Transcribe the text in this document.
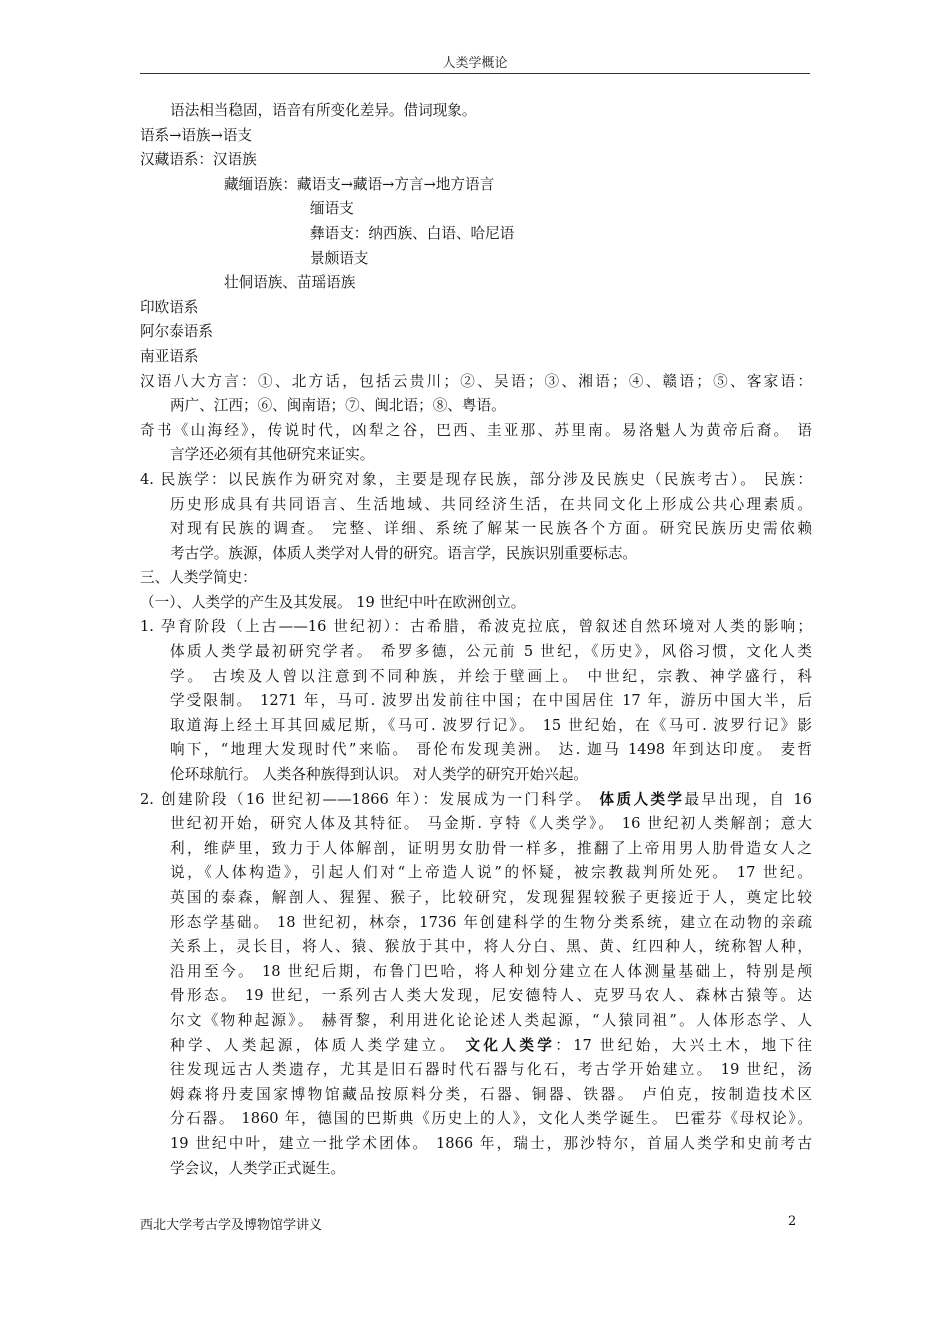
人类学概论
语法相当稳固，语音有所变化差异。借词现象。
语系→语族→语支
汉藏语系：汉语族
藏缅语族：藏语支→藏语→方言→地方语言
缅语支
彝语支：纳西族、白语、哈尼语
景颇语支
壮侗语族、苗瑶语族
印欧语系
阿尔泰语系
南亚语系
汉语八大方言：①、北方话，包括云贵川；②、吴语；③、湘语；④、赣语；⑤、客家语：
两广、江西；⑥、闽南语；⑦、闽北语；⑧、粤语。
奇书《山海经》，传说时代，凶犁之谷，巴西、圭亚那、苏里南。易洛魁人为黄帝后裔。 语
言学还必须有其他研究来证实。
4. 民族学：以民族作为研究对象，主要是现存民族，部分涉及民族史（民族考古）。 民族：
历史形成具有共同语言、生活地域、共同经济生活，在共同文化上形成公共心理素质。
对现有民族的调查。 完整、详细、系统了解某一民族各个方面。研究民族历史需依赖
考古学。族源，体质人类学对人骨的研究。语言学，民族识别重要标志。
三、人类学简史：
（一）、人类学的产生及其发展。 19 世纪中叶在欧洲创立。
1. 孕育阶段（上古——16 世纪初）：古希腊，希波克拉底，曾叙述自然环境对人类的影响；
体质人类学最初研究学者。 希罗多德，公元前 5 世纪，《历史》，风俗习惯，文化人类
学。 古埃及人曾以注意到不同种族，并绘于壁画上。 中世纪，宗教、神学盛行，科
学受限制。 1271 年，马可. 波罗出发前往中国；在中国居住 17 年，游历中国大半，后
取道海上经土耳其回威尼斯，《马可. 波罗行记》。 15 世纪始，在《马可. 波罗行记》影
响下，“地理大发现时代”来临。 哥伦布发现美洲。 达. 迦马 1498 年到达印度。 麦哲
伦环球航行。 人类各种族得到认识。 对人类学的研究开始兴起。
2. 创建阶段（16 世纪初——1866 年）：发展成为一门科学。 体质人类学最早出现，自 16
世纪初开始，研究人体及其特征。 马金斯. 亨特《人类学》。 16 世纪初人类解剖；意大
利，维萨里，致力于人体解剖，证明男女肋骨一样多，推翻了上帝用男人肋骨造女人之
说，《人体构造》，引起人们对“上帝造人说”的怀疑，被宗教裁判所处死。 17 世纪。
英国的泰森，解剖人、猩猩、猴子，比较研究，发现猩猩较猴子更接近于人，奠定比较
形态学基础。 18 世纪初，林奈，1736 年创建科学的生物分类系统，建立在动物的亲疏
关系上，灵长目，将人、猿、猴放于其中，将人分白、黑、黄、红四种人，统称智人种，
沿用至今。 18 世纪后期，布鲁门巴哈，将人种划分建立在人体测量基础上，特别是颅
骨形态。 19 世纪，一系列古人类大发现，尼安德特人、克罗马农人、森林古猿等。达
尔文《物种起源》。 赫胥黎，利用进化论论述人类起源，“人猿同祖”。人体形态学、人
种学、人类起源，体质人类学建立。 文化人类学：17 世纪始，大兴土木，地下往
往发现远古人类遗存，尤其是旧石器时代石器与化石，考古学开始建立。 19 世纪，汤
姆森将丹麦国家博物馆藏品按原料分类，石器、铜器、铁器。 卢伯克，按制造技术区
分石器。 1860 年，德国的巴斯典《历史上的人》，文化人类学诞生。 巴霍芬《母权论》。
19 世纪中叶，建立一批学术团体。 1866 年，瑞士，那沙特尔，首届人类学和史前考古
学会议，人类学正式诞生。
西北大学考古学及博物馆学讲义	2
